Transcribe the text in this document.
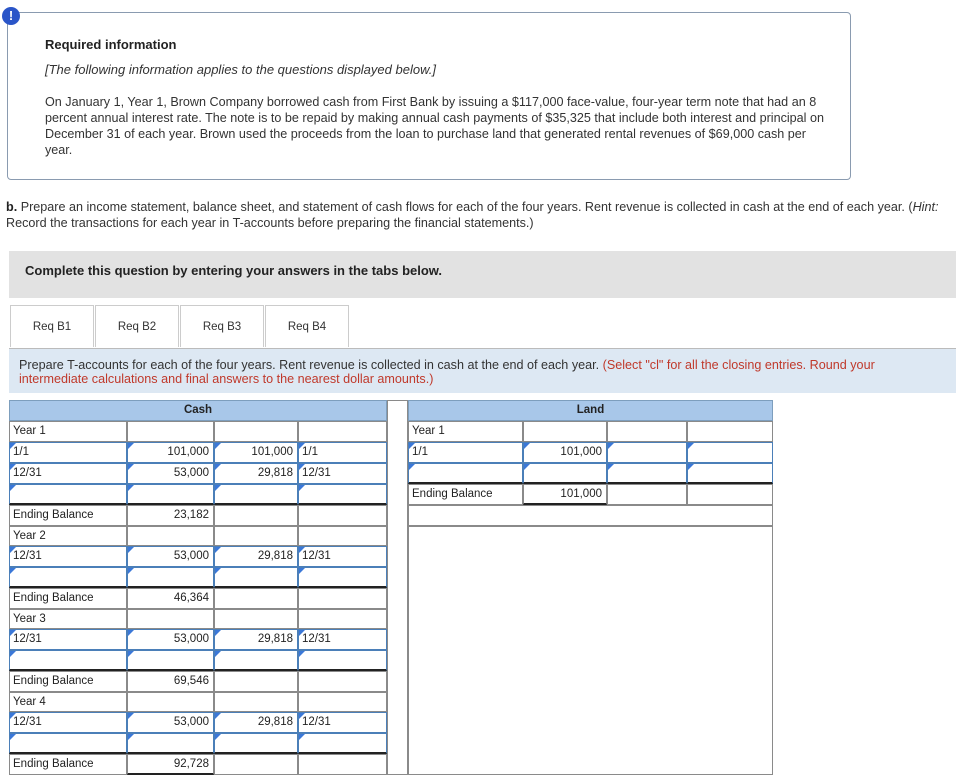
!
Required information
[The following information applies to the questions displayed below.]
On January 1, Year 1, Brown Company borrowed cash from First Bank by issuing a $117,000 face-value, four-year term note that had an 8 percent annual interest rate. The note is to be repaid by making annual cash payments of $35,325 that include both interest and principal on December 31 of each year. Brown used the proceeds from the loan to purchase land that generated rental revenues of $69,000 cash per year.
b. Prepare an income statement, balance sheet, and statement of cash flows for each of the four years. Rent revenue is collected in cash at the end of each year. (Hint: Record the transactions for each year in T-accounts before preparing the financial statements.)
Complete this question by entering your answers in the tabs below.
Req B1	Req B2	Req B3	Req B4
Prepare T-accounts for each of the four years. Rent revenue is collected in cash at the end of each year. (Select "cl" for all the closing entries. Round your intermediate calculations and final answers to the nearest dollar amounts.)
Cash
Year 1
1/1	101,000	101,000 1/1
12/31	53,000	29,818 12/31
Ending Balance	23,182
Year 2
12/31	53,000	29,818 12/31
Ending Balance	46,364
Year 3
12/31	53,000	29,818 12/31
Ending Balance	69,546
Year 4
12/31	53,000	29,818 12/31
Ending Balance	92,728
Land
Year 1
1/1	101,000
Ending Balance	101,000
